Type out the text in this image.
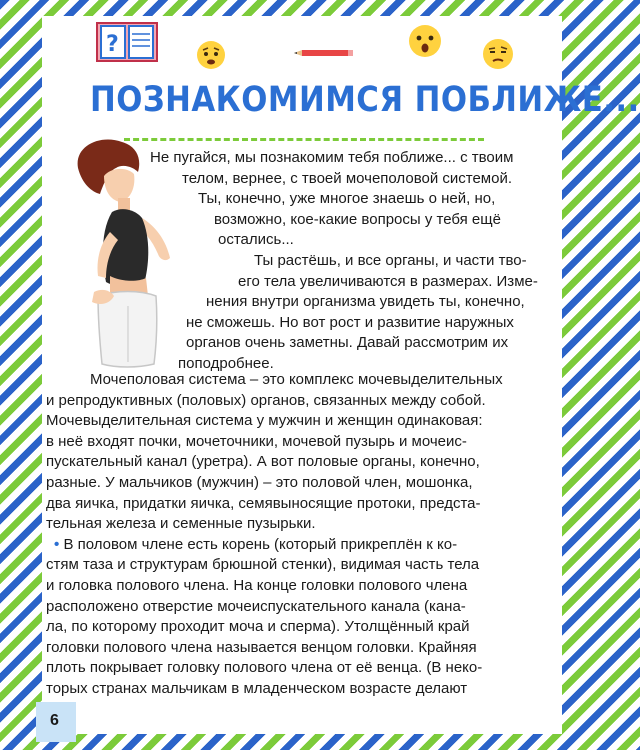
?
ПОЗНАКОМИМСЯ ПОБЛИЖЕ...

Не пугайся, мы познакомим тебя поближе... с твоим
телом, вернее, с твоей мочеполовой системой.
Ты, конечно, уже многое знаешь о ней, но,
возможно, кое-какие вопросы у тебя ещё
остались...
Ты растёшь, и все органы, и части тво-
его тела увеличиваются в размерах. Изме-
нения внутри организма увидеть ты, конечно,
не сможешь. Но вот рост и развитие наружных
органов очень заметны. Давай рассмотрим их
поподробнее.

Мочеполовая система – это комплекс мочевыделительных
и репродуктивных (половых) органов, связанных между собой.
Мочевыделительная система у мужчин и женщин одинаковая:
в неё входят почки, мочеточники, мочевой пузырь и мочеис-
пускательный канал (уретра). А вот половые органы, конечно,
разные. У мальчиков (мужчин) – это половой член, мошонка,
два яичка, придатки яичка, семявыносящие протоки, предста-
тельная железа и семенные пузырьки.

• В половом члене есть корень (который прикреплён к ко-
стям таза и структурам брюшной стенки), видимая часть тела
и головка полового члена. На конце головки полового члена
расположено отверстие мочеиспускательного канала (кана-
ла, по которому проходит моча и сперма). Утолщённый край
головки полового члена называется венцом головки. Крайняя
плоть покрывает головку полового члена от её венца. (В неко-
торых странах мальчикам в младенческом возрасте делают

6
